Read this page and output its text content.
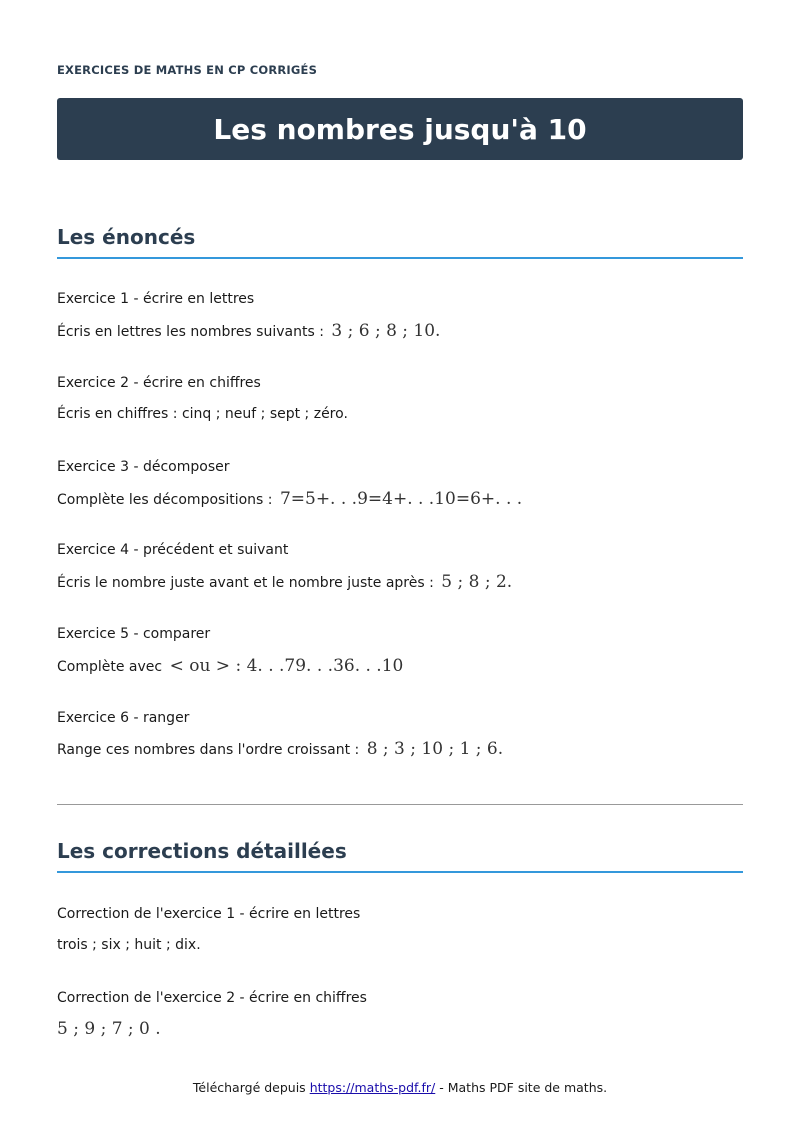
EXERCICES DE MATHS EN CP CORRIGÉS
Les nombres jusqu'à 10
Les énoncés
Exercice 1 - écrire en lettres
Écris en lettres les nombres suivants : 3 ; 6 ; 8 ; 10.
Exercice 2 - écrire en chiffres
Écris en chiffres : cinq ; neuf ; sept ; zéro.
Exercice 3 - décomposer
Complète les décompositions : 7=5+. . .9=4+. . .10=6+. . .
Exercice 4 - précédent et suivant
Écris le nombre juste avant et le nombre juste après : 5 ; 8 ; 2.
Exercice 5 - comparer
Complète avec < ou > : 4. . .79. . .36. . .10
Exercice 6 - ranger
Range ces nombres dans l'ordre croissant : 8 ; 3 ; 10 ; 1 ; 6.
Les corrections détaillées
Correction de l'exercice 1 - écrire en lettres
trois ; six ; huit ; dix.
Correction de l'exercice 2 - écrire en chiffres
5 ; 9 ; 7 ; 0 .
Téléchargé depuis https://maths-pdf.fr/ - Maths PDF site de maths.
